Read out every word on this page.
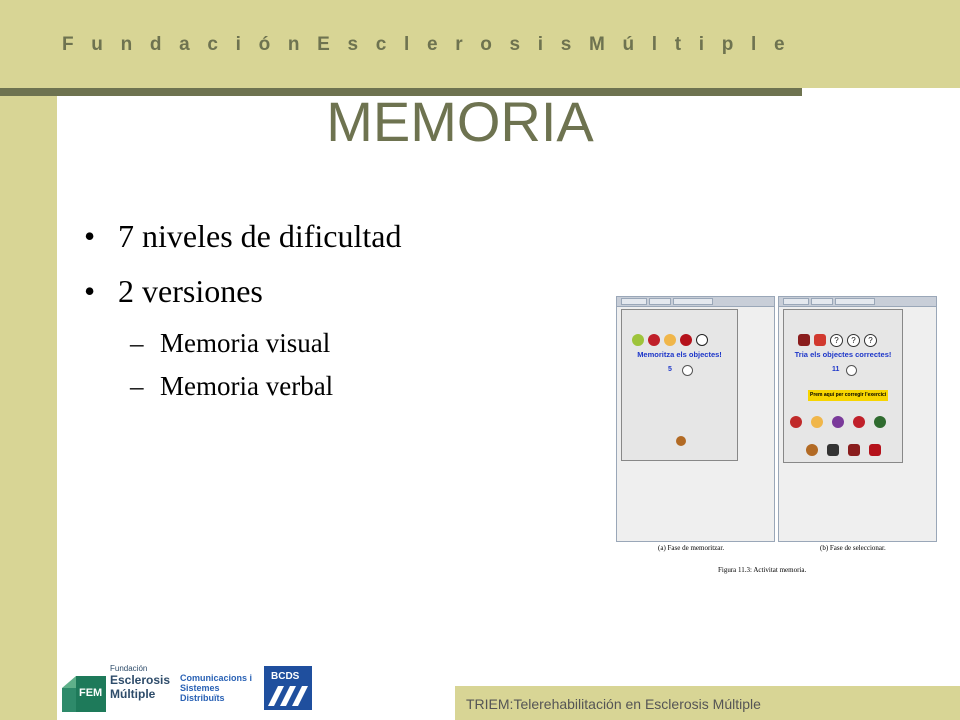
F u n d a c i ó n E s c l e r o s i s M ú l t i p l e
MEMORIA
• 7 niveles de dificultad
• 2 versiones
– Memoria visual
– Memoria verbal
Memoritza els objectes!
5
?	?	?
Tria els objectes correctes!
11
Prem aquí per corregir l'exercici
(a) Fase de memoritzar.	(b) Fase de seleccionar.
Figura 11.3: Activitat memoria.
FEM
Fundación
Esclerosis
Múltiple
Comunicacions i
Sistemes
Distribuïts
BCDS
TRIEM:Telerehabilitación en Esclerosis Múltiple
